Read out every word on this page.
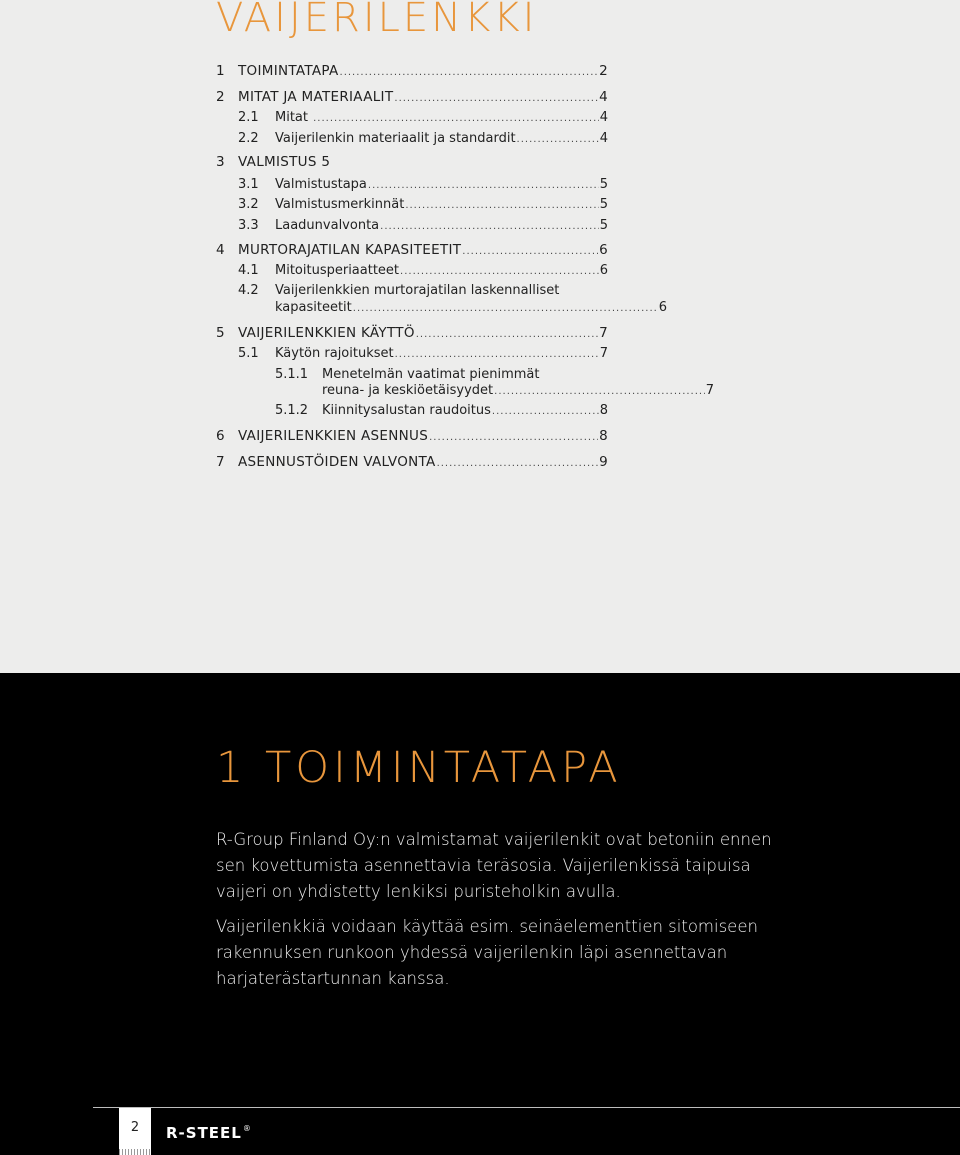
VAIJERILENKKI
1 TOIMINTATAPA .....	2
2 MITAT JA MATERIAALIT .....	4
2.1	Mitat .....	4
2.2	Vaijerilenkin materiaalit ja standardit .....	4
3 VALMISTUS 5
3.1	Valmistustapa .....	5
3.2	Valmistusmerkinnät .....	5
3.3	Laadunvalvonta .....	5
4 MURTORAJATILAN KAPASITEETIT .....	6
4.1	Mitoitusperiaatteet .....	6
4.2	Vaijerilenkkien murtorajatilan laskennalliset
kapasiteetit .....	6
5 VAIJERILENKKIEN KÄYTTÖ .....	7
5.1	Käytön rajoitukset .....	7
5.1.1	Menetelmän vaatimat pienimmät
reuna- ja keskiöetäisyydet .....	7
5.1.2	Kiinnitysalustan raudoitus .....	8
6 VAIJERILENKKIEN ASENNUS .....	8
7 ASENNUSTÖIDEN VALVONTA .....	9
1 TOIMINTATAPA

R-Group Finland Oy:n valmistamat vaijerilenkit ovat betoniin ennen sen kovettumista asennettavia teräsosia. Vaijerilenkissä taipuisa vaijeri on yhdistetty lenkiksi puristeholkin avulla.

Vaijerilenkkiä voidaan käyttää esim. seinäelementtien sitomiseen rakennuksen runkoon yhdessä vaijerilenkin läpi asennettavan harjaterästartunnan kanssa.

2	R-STEEL ®
